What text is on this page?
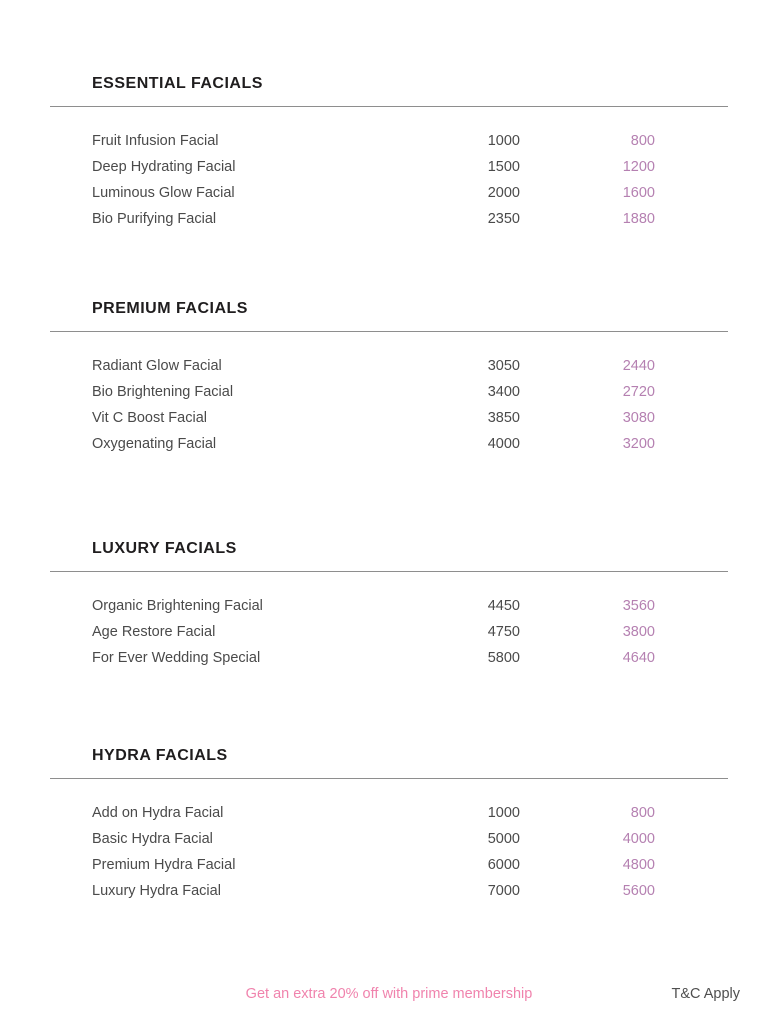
ESSENTIAL FACIALS
Fruit Infusion Facial	1000	800
Deep Hydrating Facial	1500	1200
Luminous Glow Facial	2000	1600
Bio Purifying Facial	2350	1880
PREMIUM FACIALS
Radiant Glow Facial	3050	2440
Bio Brightening Facial	3400	2720
Vit C Boost Facial	3850	3080
Oxygenating Facial	4000	3200
LUXURY FACIALS
Organic Brightening Facial	4450	3560
Age Restore Facial	4750	3800
For Ever Wedding Special	5800	4640
HYDRA FACIALS
Add on Hydra Facial	1000	800
Basic Hydra Facial	5000	4000
Premium Hydra Facial	6000	4800
Luxury Hydra Facial	7000	5600
Get an extra 20% off with prime membership	T&C Apply
